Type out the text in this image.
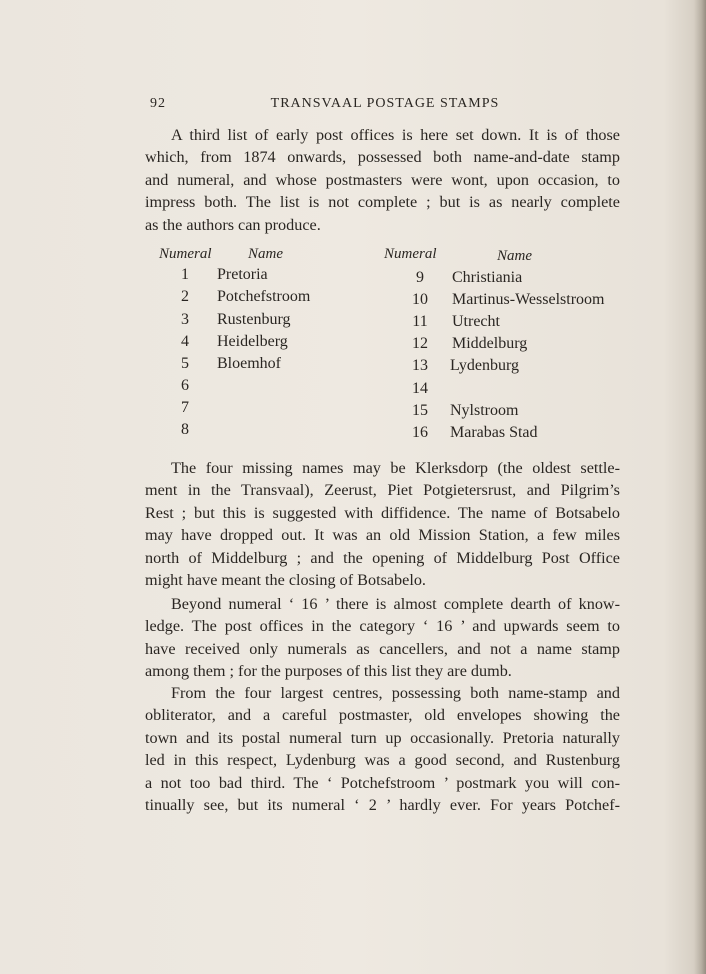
92	TRANSVAAL POSTAGE STAMPS
A third list of early post offices is here set down. It is of those
which, from 1874 onwards, possessed both name-and-date stamp
and numeral, and whose postmasters were wont, upon occasion, to
impress both. The list is not complete ; but is as nearly complete
as the authors can produce.
Numeral Name	Numeral	Name
1	Pretoria
2	Potchefstroom
3	Rustenburg
4	Heidelberg
5	Bloemhof
6
7
8
9	Christiania
10	Martinus-Wesselstroom
11	Utrecht
12	Middelburg
13	Lydenburg
14
15	Nylstroom
16	Marabas Stad
The four missing names may be Klerksdorp (the oldest settle-
ment in the Transvaal), Zeerust, Piet Potgietersrust, and Pilgrim’s
Rest ; but this is suggested with diffidence. The name of Botsabelo
may have dropped out. It was an old Mission Station, a few miles
north of Middelburg ; and the opening of Middelburg Post Office
might have meant the closing of Botsabelo.
Beyond numeral ‘ 16 ’ there is almost complete dearth of know-
ledge. The post offices in the category ‘ 16 ’ and upwards seem to
have received only numerals as cancellers, and not a name stamp
among them ; for the purposes of this list they are dumb.
From the four largest centres, possessing both name-stamp and
obliterator, and a careful postmaster, old envelopes showing the
town and its postal numeral turn up occasionally. Pretoria naturally
led in this respect, Lydenburg was a good second, and Rustenburg
a not too bad third. The ‘ Potchefstroom ’ postmark you will con-
tinually see, but its numeral ‘ 2 ’ hardly ever. For years Potchef-
